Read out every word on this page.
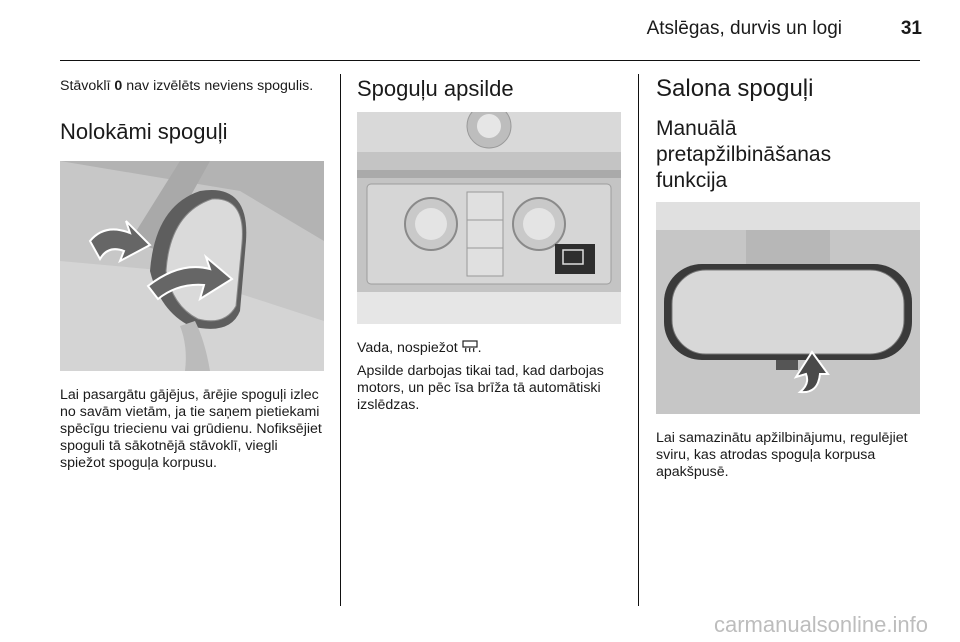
Atslēgas, durvis un logi	31

Stāvoklī 0 nav izvēlēts neviens spogulis.

Nolokāmi spoguļi

Lai pasargātu gājējus, ārējie spoguļi izlec no savām vietām, ja tie saņem pietiekami spēcīgu triecienu vai grūdienu. Nofiksējiet spoguli tā sākotnējā stāvoklī, viegli spiežot spoguļa korpusu.

Spoguļu apsilde

Vada, nospiežot .

Apsilde darbojas tikai tad, kad darbojas motors, un pēc īsa brīža tā automātiski izslēdzas.

Salona spoguļi
Manuālā
pretapžilbināšanas
funkcija

Lai samazinātu apžilbinājumu, regulējiet sviru, kas atrodas spoguļa korpusa apakšpusē.

carmanualsonline.info
